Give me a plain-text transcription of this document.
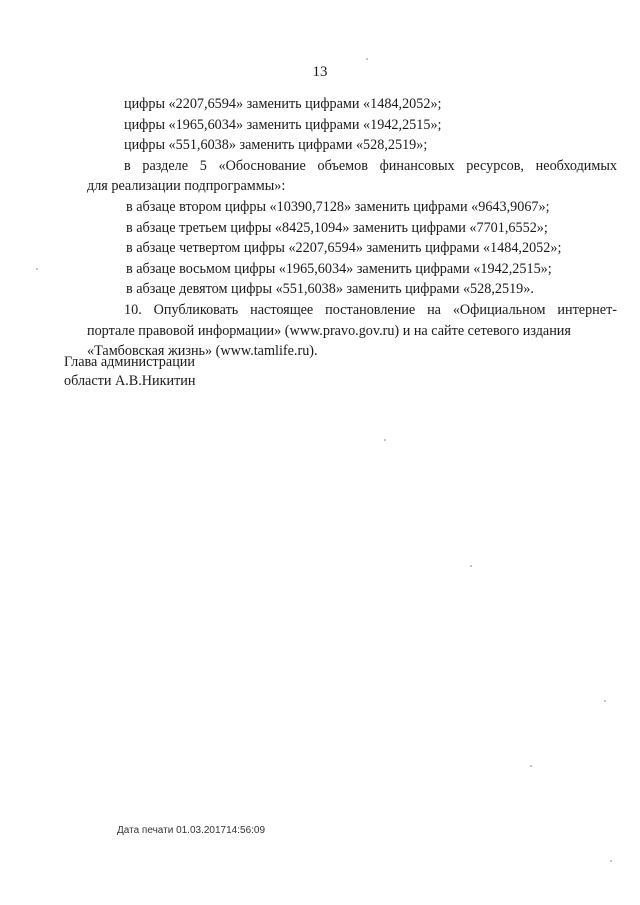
13
цифры «2207,6594» заменить цифрами «1484,2052»;
цифры «1965,6034» заменить цифрами «1942,2515»;
цифры «551,6038» заменить цифрами «528,2519»;
в разделе 5 «Обоснование объемов финансовых ресурсов, необходимых
для реализации подпрограммы»:
в абзаце втором цифры «10390,7128» заменить цифрами «9643,9067»;
в абзаце третьем цифры «8425,1094» заменить цифрами «7701,6552»;
в абзаце четвертом цифры «2207,6594» заменить цифрами «1484,2052»;
в абзаце восьмом цифры «1965,6034» заменить цифрами «1942,2515»;
в абзаце девятом цифры «551,6038» заменить цифрами «528,2519».
10. Опубликовать настоящее постановление на «Официальном интернет-
портале правовой информации» (www.pravo.gov.ru) и на сайте сетевого издания
«Тамбовская жизнь» (www.tamlife.ru).
Глава администрации
области А.В.Никитин
Дата печати 01.03.201714:56:09
